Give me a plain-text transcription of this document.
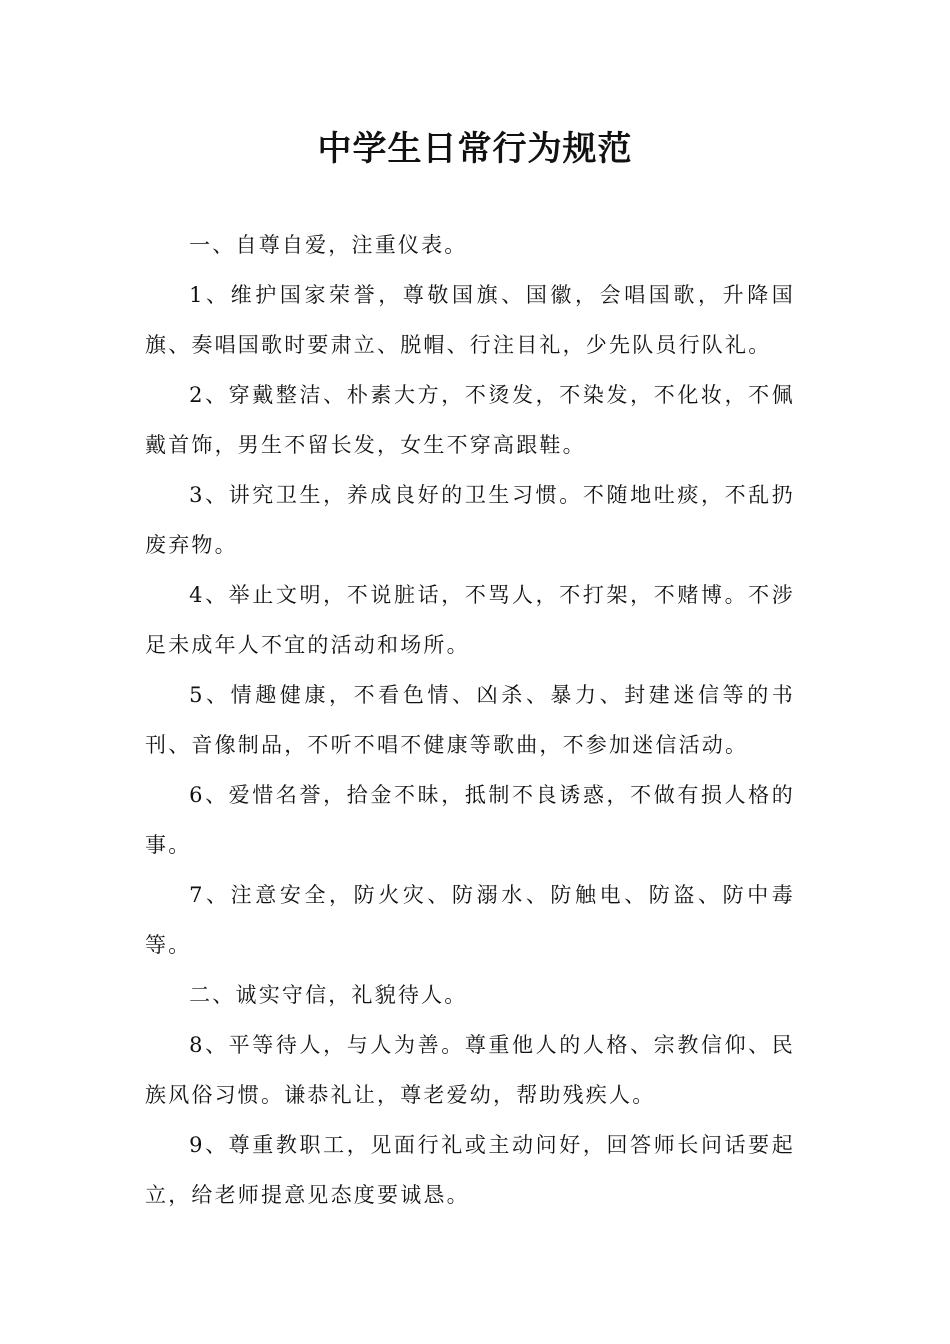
中学生日常行为规范

一、自尊自爱，注重仪表。

1、维护国家荣誉，尊敬国旗、国徽，会唱国歌，升降国旗、奏唱国歌时要肃立、脱帽、行注目礼，少先队员行队礼。

2、穿戴整洁、朴素大方，不烫发，不染发，不化妆，不佩戴首饰，男生不留长发，女生不穿高跟鞋。

3、讲究卫生，养成良好的卫生习惯。不随地吐痰，不乱扔废弃物。

4、举止文明，不说脏话，不骂人，不打架，不赌博。不涉足未成年人不宜的活动和场所。

5、情趣健康，不看色情、凶杀、暴力、封建迷信等的书刊、音像制品，不听不唱不健康等歌曲，不参加迷信活动。

6、爱惜名誉，拾金不昧，抵制不良诱惑，不做有损人格的事。

7、注意安全，防火灾、防溺水、防触电、防盗、防中毒等。

二、诚实守信，礼貌待人。

8、平等待人，与人为善。尊重他人的人格、宗教信仰、民族风俗习惯。谦恭礼让，尊老爱幼，帮助残疾人。

9、尊重教职工，见面行礼或主动问好，回答师长问话要起立，给老师提意见态度要诚恳。
